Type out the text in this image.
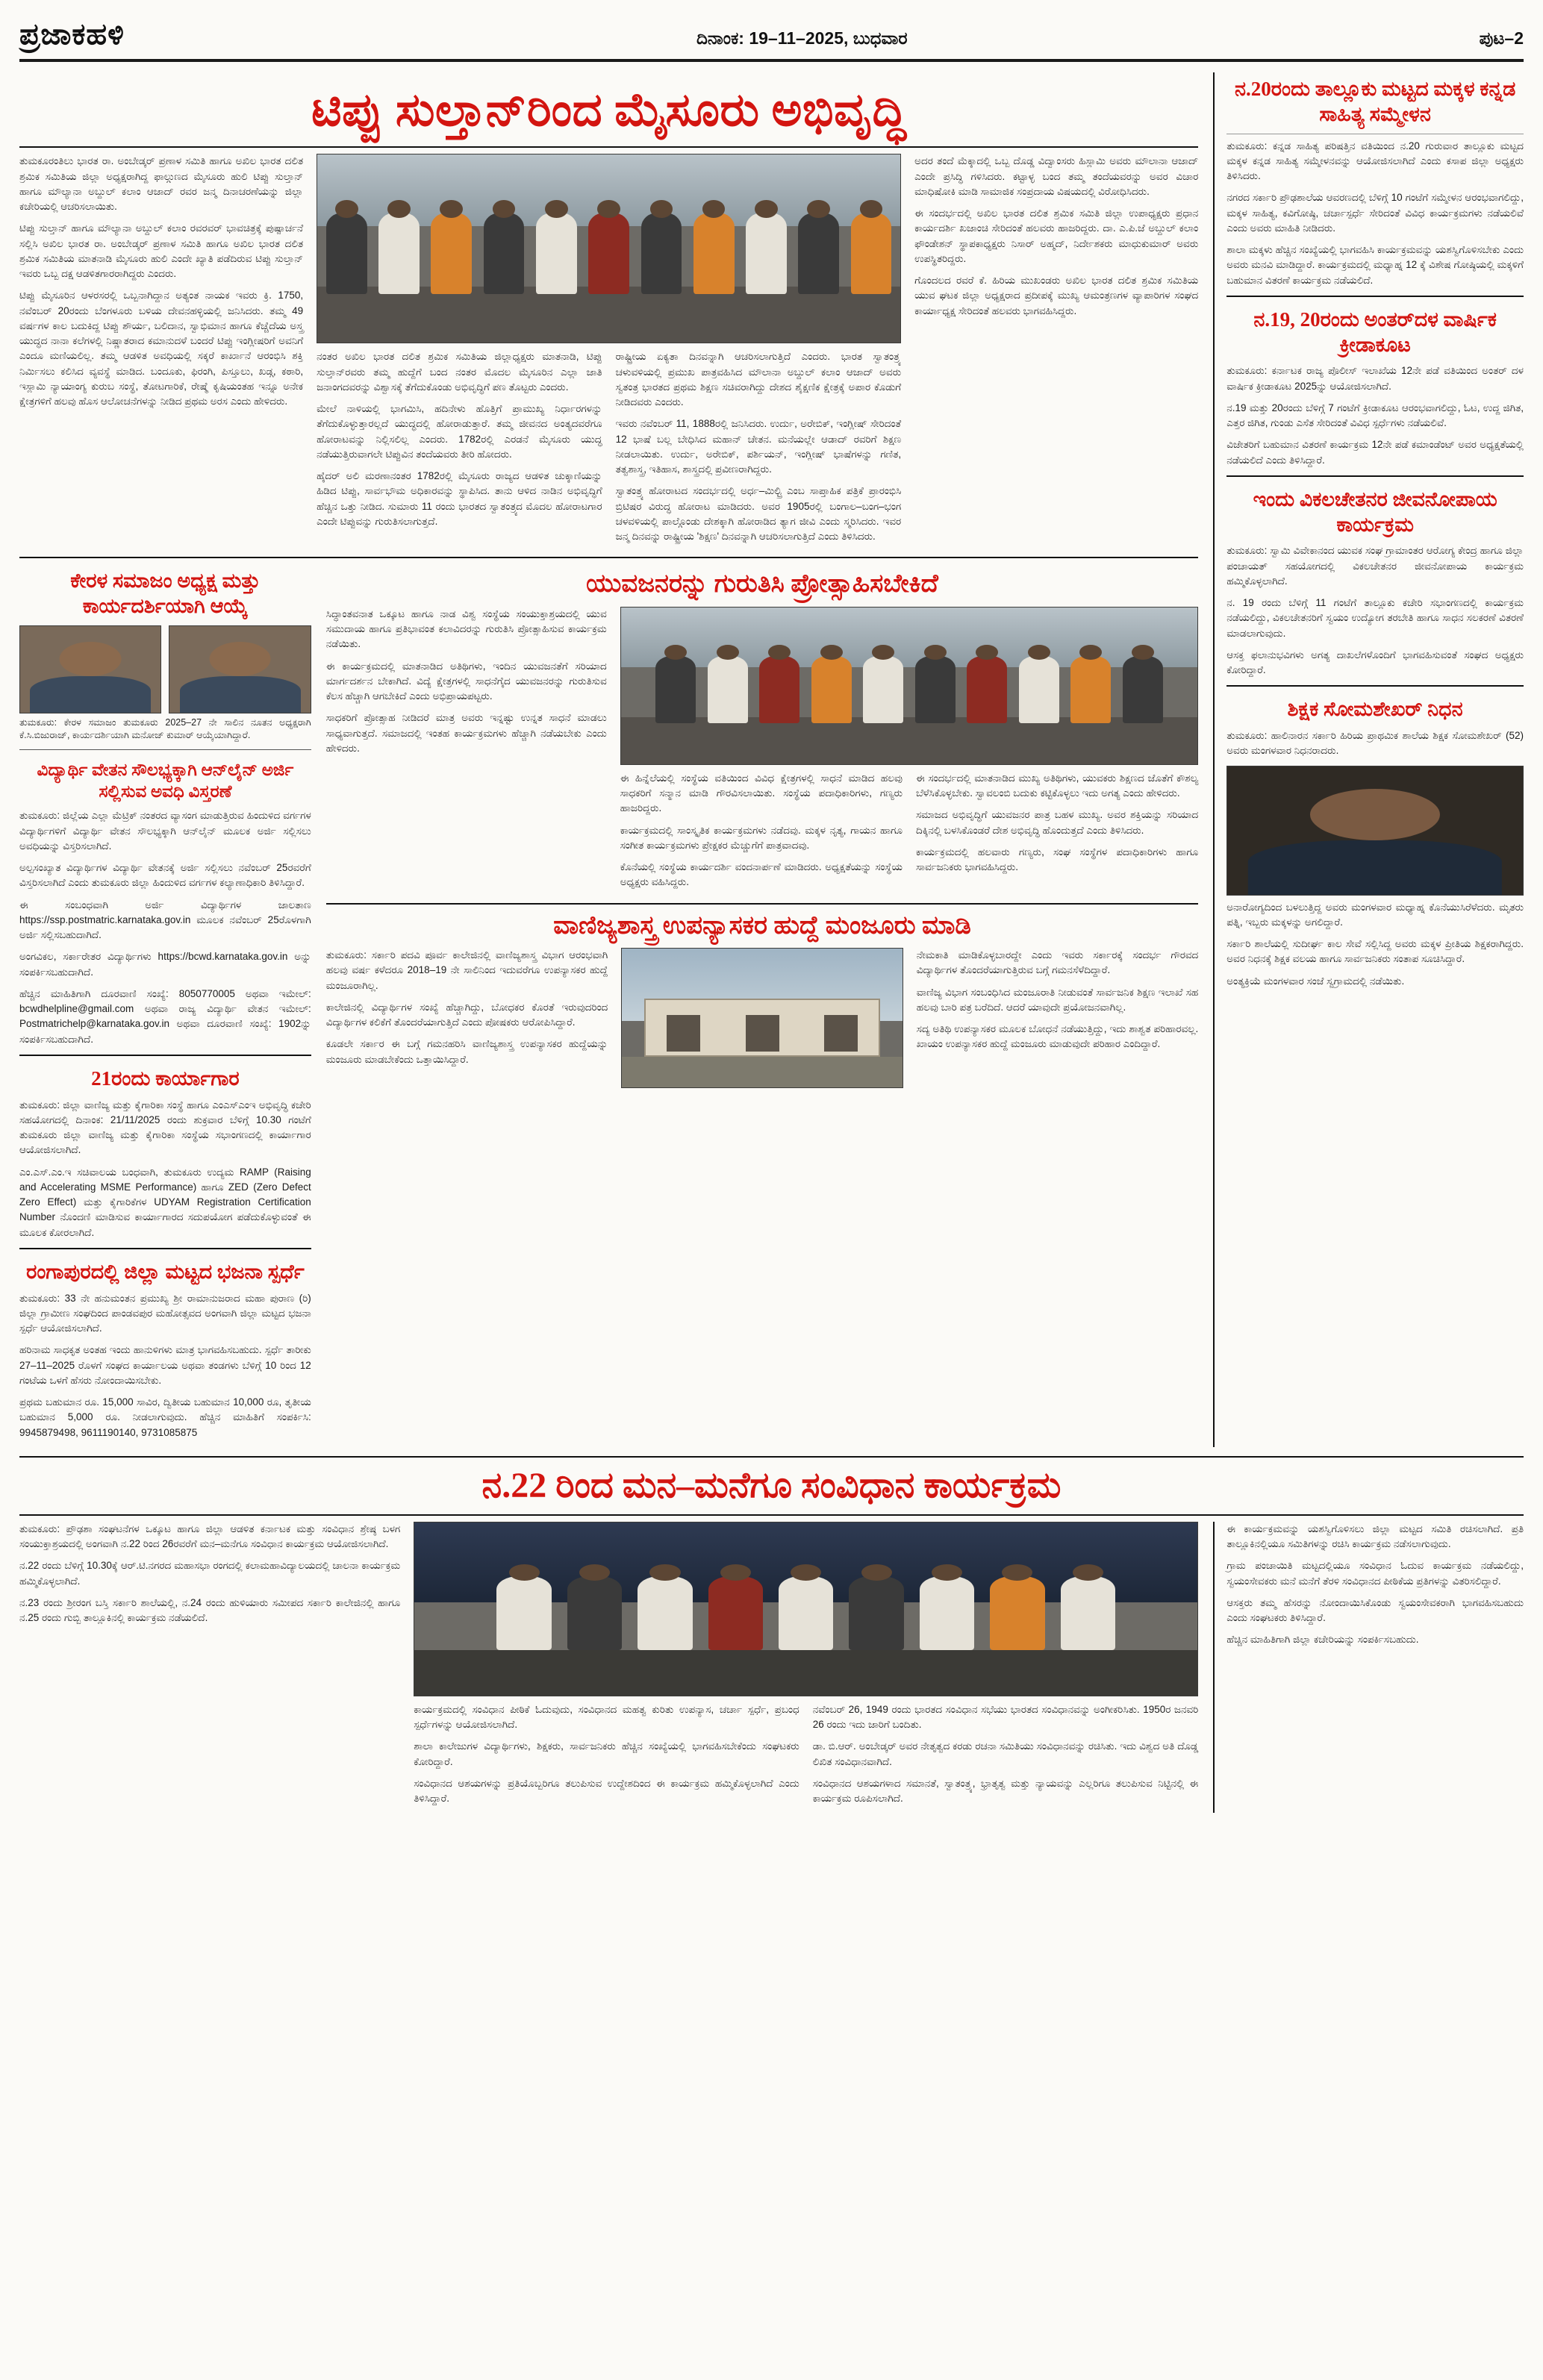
ಪ್ರಜಾಕಹಳಿ	ದಿನಾಂಕ: 19–11–2025, ಬುಧವಾರ	ಪುಟ–2
ಟಿಪ್ಪು ಸುಲ್ತಾನ್‌ರಿಂದ ಮೈಸೂರು ಅಭಿವೃದ್ಧಿ

ತುಮಕೂರಂತಿಲು ಭಾರತ ರಾ. ಅಂಬೇಡ್ಕರ್ ಪ್ರಣಾಳ ಸಮಿತಿ ಹಾಗೂ ಅಖಿಲ ಭಾರತ ದಲಿತ ಶ್ರಮಿಕ ಸಮಿತಿಯ ಜಿಲ್ಲಾ ಅಧ್ಯಕ್ಷರಾಗಿದ್ದ ಫಾಲ್ಗುಣ‌ದ ಮೈಸೂರು ಹುಲಿ ಟಿಪ್ಪು ಸುಲ್ತಾನ್ ಹಾಗೂ ಮೌಲ್ಯಾನಾ ಅಬ್ದುಲ್ ಕಲಾಂ ಆಜಾದ್ ರವರ ಜನ್ಮ ದಿನಾಚರಣೆಯನ್ನು ಜಿಲ್ಲಾ ಕಚೇರಿಯಲ್ಲಿ ಆಚರಿಸಲಾಯಿತು.

ಟಿಪ್ಪು ಸುಲ್ತಾನ್ ಹಾಗೂ ಮೌಲ್ಯಾನಾ ಅಬ್ದುಲ್ ಕಲಾಂ ರವರವರ್ ಭಾವಚಿತ್ರಕ್ಕೆ ಪುಷ್ಪಾರ್ಚನೆ ಸಲ್ಲಿಸಿ ಅಖಿಲ ಭಾರತ ರಾ. ಅಂಬೇಡ್ಕರ್ ಪ್ರಣಾಳ ಸಮಿತಿ ಹಾಗೂ ಅಖಿಲ ಭಾರತ ದಲಿತ ಶ್ರಮಿಕ ಸಮಿತಿಯ ಮಾತನಾಡಿ ಮೈಸೂರು ಹುಲಿ ಎಂದೇ ಖ್ಯಾತಿ ಪಡೆದಿರುವ ಟಿಪ್ಪು ಸುಲ್ತಾನ್ ಇವರು ಒಬ್ಬ ದಕ್ಷ ಆಡಳಿತಗಾರರಾಗಿದ್ದರು ಎಂದರು.

ಟಿಪ್ಪು ಮೈಸೂರಿನ ಆಳರಸರಲ್ಲಿ ಒಬ್ಬನಾಗಿದ್ದಾನ ಅತ್ಯಂತ ನಾಯಕ ಇವರು ಕ್ರಿ. 1750, ನವೆಂಬರ್ 20ರಂದು ಬೆಂಗಳೂರು ಬಳಿಯ ದೇವನಹಳ್ಳಿಯಲ್ಲಿ ಜನಿಸಿದರು. ತಮ್ಮ 49 ವರ್ಷಗಳ ಕಾಲ ಬದುಕಿದ್ದ ಟಿಪ್ಪು ಶೌರ್ಯ, ಬಲಿದಾನ, ಸ್ವಾಭಿಮಾನ ಹಾಗೂ ಕೆಚ್ಚೆದೆಯ ಅಸ್ತ್ರ ಯುದ್ಧದ ನಾನಾ ಕಲೆಗಳಲ್ಲಿ ನಿಷ್ಣಾತರಾದ ಕಮಾನುದಳೆ ಬಂದರೆ ಟಿಪ್ಪು ಇಂಗ್ಲೀಷರಿಗೆ ಅವನಿಗೆ ಎಂದೂ ಮಣಿಯಲಿಲ್ಲ. ತಮ್ಮ ಆಡಳಿತ ಅವಧಿಯಲ್ಲಿ ಸಕ್ಕರೆ ಕಾರ್ಖಾನೆ ಆರಂಭಿಸಿ ಶಕ್ತಿ ನಿರ್ಮಿಸಲು ಕಲಿಸಿದ ವ್ಯವಸ್ಥೆ ಮಾಡಿದ. ಬಂದೂಕು, ಫಿರಂಗಿ, ಪಿಸ್ತೂಲು, ಖಡ್ಗ, ಕಠಾರಿ, ಇಸ್ಲಾಮಿ ನ್ಯಾಯಾಂಗ್ಯ ಕುರುಬ ಸಂಸ್ಥೆ, ತೋಟಗಾರಿಕೆ, ರೇಷ್ಮೆ ಕೃಷಿಯಂತಹ ಇನ್ನೂ ಅನೇಕ ಕ್ಷೇತ್ರಗಳಿಗೆ ಹಲವು ಹೊಸ ಆಲೋಚನೆಗಳನ್ನು ನೀಡಿದ ಪ್ರಥಮ ಅರಸ ಎಂದು ಹೇಳಿದರು.

ನಂತರ ಅಖಿಲ ಭಾರತ ದಲಿತ ಶ್ರಮಿಕ ಸಮಿತಿಯ ಜಿಲ್ಲಾಧ್ಯಕ್ಷರು ಮಾತನಾಡಿ, ಟಿಪ್ಪು ಸುಲ್ತಾನ್‌ರವರು ತಮ್ಮ ಹುದ್ದೆಗೆ ಬಂದ ನಂತರ ಮೊದಲ ಮೈಸೂರಿನ ಎಲ್ಲಾ ಜಾತಿ ಜನಾಂಗದವರನ್ನು ವಿಶ್ವಾಸಕ್ಕೆ ತೆಗೆದುಕೊಂಡು ಅಭಿವೃದ್ಧಿಗೆ ಪಣ ತೊಟ್ಟರು ಎಂದರು.

ಮೇಲೆ ನಾಳಿಯಲ್ಲಿ ಭಾಗಮಿಸಿ, ಹದಿನೇಳು ಹೊತ್ತಿಗೆ ಪ್ರಾಮುಖ್ಯ ನಿರ್ಧಾರಗಳನ್ನು ತೆಗೆದುಕೊಳ್ಳುತ್ತಾರಲ್ಲದೆ ಯುದ್ಧದಲ್ಲಿ ಹೋರಾಡುತ್ತಾರೆ. ತಮ್ಮ ಜೀವನದ ಅಂತ್ಯದವರೆಗೂ ಹೋರಾಟವನ್ನು ನಿಲ್ಲಿಸಲಿಲ್ಲ ಎಂದರು. 1782ರಲ್ಲಿ ಎರಡನೆ ಮೈಸೂರು ಯುದ್ಧ ನಡೆಯುತ್ತಿರುವಾಗಲೇ ಟಿಪ್ಪುವಿನ ತಂದೆಯವರು ತೀರಿ ಹೋದರು.

ಹೈದರ್ ಅಲಿ ಮರಣಾನಂತರ 1782ರಲ್ಲಿ ಮೈಸೂರು ರಾಜ್ಯದ ಆಡಳಿತ ಚುಕ್ಕಾಣಿಯನ್ನು ಹಿಡಿದ ಟಿಪ್ಪು, ಸಾರ್ವಭೌಮ ಅಧಿಕಾರವನ್ನು ಸ್ಥಾಪಿಸಿದ. ತಾನು ಆಳಿದ ನಾಡಿನ ಅಭಿವೃದ್ಧಿಗೆ ಹೆಚ್ಚಿನ ಒತ್ತು ನೀಡಿದ. ಸುಮಾರು 11 ರಂದು ಭಾರತದ ಸ್ವಾತಂತ್ರ್ಯದ ಮೊದಲ ಹೋರಾಟಗಾರ ಎಂದೇ ಟಿಪ್ಪುವನ್ನು ಗುರುತಿಸಲಾಗುತ್ತದೆ.

ರಾಷ್ಟ್ರೀಯ ಏಕ್ಯತಾ ದಿನವನ್ನಾಗಿ ಆಚರಿಸಲಾಗುತ್ತಿದೆ ಎಂದರು. ಭಾರತ ಸ್ವಾತಂತ್ರ್ಯ ಚಳುವಳಿಯಲ್ಲಿ ಪ್ರಮುಖ ಪಾತ್ರವಹಿಸಿದ ಮೌಲಾನಾ ಅಬ್ದುಲ್ ಕಲಾಂ ಆಜಾದ್ ಅವರು ಸ್ವತಂತ್ರ ಭಾರತದ ಪ್ರಥಮ ಶಿಕ್ಷಣ ಸಚಿವರಾಗಿದ್ದು ದೇಶದ ಶೈಕ್ಷಣಿಕ ಕ್ಷೇತ್ರಕ್ಕೆ ಅಪಾರ ಕೊಡುಗೆ ನೀಡಿದವರು ಎಂದರು.

ಇವರು ನವೆಂಬರ್ 11, 1888ರಲ್ಲಿ ಜನಿಸಿದರು. ಉರ್ದು, ಅರೇಬಿಕ್, ಇಂಗ್ಲೀಷ್ ಸೇರಿದಂತೆ 12 ಭಾಷೆ ಬಲ್ಲ ಬೇಧಿಸಿದ ಮಹಾನ್ ಚೇತನ. ಮನೆಯಲ್ಲೇ ಆಡಾದ್ ರವರಿಗೆ ಶಿಕ್ಷಣ ನೀಡಲಾಯಿತು. ಉರ್ದು, ಅರೇಬಿಕ್, ಪರ್ಶಿಯನ್, ಇಂಗ್ಲೀಷ್ ಭಾಷೆಗಳನ್ನು ಗಣಿತ, ತತ್ವಶಾಸ್ತ್ರ, ಇತಿಹಾಸ, ಶಾಸ್ತ್ರದಲ್ಲಿ ಪ್ರವೀಣರಾಗಿದ್ದರು.

ಸ್ವಾತಂತ್ರ್ಯ ಹೋರಾಟದ ಸಂದರ್ಭದಲ್ಲಿ ಅರ್ಧ–ಮಿಲ್ಟ್ರಿ ಎಂಬ ಸಾಪ್ತಾಹಿಕ ಪತ್ರಿಕೆ ಪ್ರಾರಂಭಿಸಿ ಬ್ರಿಟಿಷರ ವಿರುದ್ಧ ಹೋರಾಟ ಮಾಡಿದರು. ಅವರ 1905ರಲ್ಲಿ ಬಂಗಾಲ–ಬಂಗ–ಭಂಗ ಚಳವಳಿಯಲ್ಲಿ ಪಾಲ್ಗೊಂಡು ದೇಶಕ್ಕಾಗಿ ಹೋರಾಡಿದ ತ್ಯಾಗ ಜೀವಿ ಎಂದು ಸ್ಮರಿಸಿದರು. ಇವರ ಜನ್ಮ ದಿನವನ್ನು ರಾಷ್ಟ್ರೀಯ 'ಶಿಕ್ಷಣ' ದಿನವನ್ನಾಗಿ ಆಚರಿಸಲಾಗುತ್ತಿದೆ ಎಂದು ತಿಳಿಸಿದರು.

ಅದರ ತಂದೆ ಮೆಕ್ಕಾದಲ್ಲಿ ಒಬ್ಬ ದೊಡ್ಡ ವಿದ್ವಾಂಸರು ಹಿಸ್ಲಾಮಿ ಅವರು ಮೌಲಾನಾ ಆಜಾದ್ ಎಂದೇ ಪ್ರಸಿದ್ಧಿ ಗಳಿಸಿದರು. ಕಟ್ಟಾಳ್ಳ ಬಂದ ತಮ್ಮ ತಂದೆಯವರನ್ನು ಅವರ ವಿಚಾರ ಮಾಧಿಷೋಕಿ ಮಾಡಿ ಸಾಮಾಜಿಕ ಸಂಪ್ರದಾಯ ವಿಷಯದಲ್ಲಿ ವಿರೋಧಿಸಿದರು.

ಈ ಸಂದರ್ಭದಲ್ಲಿ ಅಖಿಲ ಭಾರತ ದಲಿತ ಶ್ರಮಿಕ ಸಮಿತಿ ಜಿಲ್ಲಾ ಉಪಾಧ್ಯಕ್ಷರು ಪ್ರಧಾನ ಕಾರ್ಯದರ್ಶಿ ಖಜಾಂಚಿ ಸೇರಿದಂತೆ ಹಲವರು ಹಾಜರಿದ್ದರು. ದಾ. ಎ.ಪಿ.ಜೆ ಅಬ್ದುಲ್ ಕಲಾಂ ಫೌಂಡೇಶನ್ ಸ್ಥಾಪಕಾಧ್ಯಕ್ಷರು ನಿಸಾರ್ ಅಹ್ಮದ್, ನಿರ್ದೇಶಕರು ಮಾಧುಕುಮಾರ್ ಅವರು ಉಪಸ್ಥಿತರಿದ್ದರು.

ಗೊಂದಲದ ರವರೆ ಕೆ. ಹಿರಿಯ ಮುಖಂಡರು ಅಖಿಲ ಭಾರತ ದಲಿತ ಶ್ರಮಿಕ ಸಮಿತಿಯ ಯುವ ಘಟಕ ಜಿಲ್ಲಾ ಅಧ್ಯಕ್ಷರಾದ ಪ್ರದೀಪಕ್ಕೆ ಮುಖ್ಯ ಆಮಂತ್ರಣಗಳ ವ್ಯಾಪಾರಿಗಳ ಸಂಘದ ಕಾರ್ಯಾಧ್ಯಕ್ಷ ಸೇರಿದಂತೆ ಹಲವರು ಭಾಗವಹಿಸಿದ್ದರು.

ಕೇರಳ ಸಮಾಜಂ ಅಧ್ಯಕ್ಷ ಮತ್ತು ಕಾರ್ಯದರ್ಶಿಯಾಗಿ ಆಯ್ಕೆ
ತುಮಕೂರು: ಕೇರಳ ಸಮಾಜಂ ತುಮಕೂರು 2025–27 ನೇ ಸಾಲಿನ ನೂತನ ಅಧ್ಯಕ್ಷರಾಗಿ ಕೆ.ಸಿ.ಬಿಜುರಾಜ್, ಕಾರ್ಯದರ್ಶಿಯಾಗಿ ಮನೋಜ್ ಕುಮಾರ್ ಆಯ್ಕೆಯಾಗಿದ್ದಾರೆ.
ವಿದ್ಯಾರ್ಥಿ ವೇತನ ಸೌಲಭ್ಯಕ್ಕಾಗಿ ಆನ್‌ಲೈನ್ ಅರ್ಜಿ ಸಲ್ಲಿಸುವ ಅವಧಿ ವಿಸ್ತರಣೆ

ತುಮಕೂರು: ಜಿಲ್ಲೆಯ ಎಲ್ಲಾ ಮೆಟ್ರಿಕ್ ನಂತರದ ವ್ಯಾಸಂಗ ಮಾಡುತ್ತಿರುವ ಹಿಂದುಳಿದ ವರ್ಗಗಳ ವಿದ್ಯಾರ್ಥಿಗಳಿಗೆ ವಿದ್ಯಾರ್ಥಿ ವೇತನ ಸೌಲಭ್ಯಕ್ಕಾಗಿ ಆನ್‌ಲೈನ್ ಮೂಲಕ ಅರ್ಜಿ ಸಲ್ಲಿಸಲು ಅವಧಿಯನ್ನು ವಿಸ್ತರಿಸಲಾಗಿದೆ.

ಅಲ್ಪಸಂಖ್ಯಾತ ವಿದ್ಯಾರ್ಥಿಗಳ ವಿದ್ಯಾರ್ಥಿ ವೇತನಕ್ಕೆ ಅರ್ಜಿ ಸಲ್ಲಿಸಲು ನವೆಂಬರ್ 25ರವರೆಗೆ ವಿಸ್ತರಿಸಲಾಗಿದೆ ಎಂದು ತುಮಕೂರು ಜಿಲ್ಲಾ ಹಿಂದುಳಿದ ವರ್ಗಗಳ ಕಲ್ಯಾಣಾಧಿಕಾರಿ ತಿಳಿಸಿದ್ದಾರೆ.

ಈ ಸಂಬಂಧವಾಗಿ ಅರ್ಜಿ ವಿದ್ಯಾರ್ಥಿಗಳ ಜಾಲತಾಣ https://ssp.postmatric.karnataka.gov.in ಮೂಲಕ ನವೆಂಬರ್ 25ರೊಳಗಾಗಿ ಅರ್ಜಿ ಸಲ್ಲಿಸಬಹುದಾಗಿದೆ.

ಅಂಗವಿಕಲ, ಸರ್ಕಾರೇತರ ವಿದ್ಯಾರ್ಥಿಗಳು https://bcwd.karnataka.gov.in ಅನ್ನು ಸಂಪರ್ಕಿಸಬಹುದಾಗಿದೆ.

ಹೆಚ್ಚಿನ ಮಾಹಿತಿಗಾಗಿ ದೂರವಾಣಿ ಸಂಖ್ಯೆ: 8050770005 ಅಥವಾ ಇಮೇಲ್: bcwdhelpline@gmail.com ಅಥವಾ ರಾಜ್ಯ ವಿದ್ಯಾರ್ಥಿ ವೇತನ ಇಮೇಲ್: Postmatrichelp@karnataka.gov.in ಅಥವಾ ದೂರವಾಣಿ ಸಂಖ್ಯೆ: 1902ನ್ನು ಸಂಪರ್ಕಿಸಬಹುದಾಗಿದೆ.

21ರಂದು ಕಾರ್ಯಾಗಾರ

ತುಮಕೂರು: ಜಿಲ್ಲಾ ವಾಣಿಜ್ಯ ಮತ್ತು ಕೈಗಾರಿಕಾ ಸಂಸ್ಥೆ ಹಾಗೂ ಎಂಎಸ್ಎಂಇ ಅಭಿವೃದ್ಧಿ ಕಚೇರಿ ಸಹಯೋಗದಲ್ಲಿ ದಿನಾಂಕ: 21/11/2025 ರಂದು ಶುಕ್ರವಾರ ಬೆಳಿಗ್ಗೆ 10.30 ಗಂಟೆಗೆ ತುಮಕೂರು ಜಿಲ್ಲಾ ವಾಣಿಜ್ಯ ಮತ್ತು ಕೈಗಾರಿಕಾ ಸಂಸ್ಥೆಯ ಸಭಾಂಗಣದಲ್ಲಿ ಕಾರ್ಯಾಗಾರ ಆಯೋಜಿಸಲಾಗಿದೆ.

ಎಂ.ಎಸ್.ಎಂ.ಇ ಸಚಿವಾಲಯ ಬಂಧವಾಗಿ, ತುಮಕೂರು ಉದ್ಯಮ RAMP (Raising and Accelerating MSME Performance) ಹಾಗೂ ZED (Zero Defect Zero Effect) ಮತ್ತು ಕೈಗಾರಿಕೆಗಳ UDYAM Registration Certification Number ನೊಂದಣಿ ಮಾಡಿಸುವ ಕಾರ್ಯಾಗಾರದ ಸದುಪಯೋಗ ಪಡೆದುಕೊಳ್ಳುವಂತೆ ಈ ಮೂಲಕ ಕೋರಲಾಗಿದೆ.

ರಂಗಾಪುರದಲ್ಲಿ ಜಿಲ್ಲಾ ಮಟ್ಟದ ಭಜನಾ ಸ್ಪರ್ಧೆ

ತುಮಕೂರು: 33 ನೇ ಹನುಮಂತನ ಪ್ರಮುಖ್ಯ ಶ್ರೀ ರಾಮಾನುಜರಾದ ಮಹಾ ಪುರಾಣ (ರಿ) ಜಿಲ್ಲಾ ಗ್ರಾಮೀಣ ಸಂಘದಿಂದ ಪಾಂಡವಪುರ ಮಹೋತ್ಸವದ ಅಂಗವಾಗಿ ಜಿಲ್ಲಾ ಮಟ್ಟದ ಭಜನಾ ಸ್ಪರ್ಧೆ ಆಯೋಜಿಸಲಾಗಿದೆ.

ಹರಿನಾಮ ಸಾಧಕೃತ ಅಂತಹ ಇಂದು ಹಾನುಳಿಗಳು ಮಾತ್ರ ಭಾಗವಹಿಸಬಹುದು. ಸ್ಪರ್ಧೆ ತಾರೀಕು 27–11–2025 ರೊಳಗೆ ಸಂಘದ ಕಾರ್ಯಾಲಯ ಅಥವಾ ತಂಡಗಳು ಬೆಳಿಗ್ಗೆ 10 ರಿಂದ 12 ಗಂಟೆಯ ಒಳಗೆ ಹೆಸರು ನೋಂದಾಯಿಸಬೇಕು.

ಪ್ರಥಮ ಬಹುಮಾನ ರೂ. 15,000 ಸಾವಿರ, ದ್ವಿತೀಯ ಬಹುಮಾನ 10,000 ರೂ, ತೃತೀಯ ಬಹುಮಾನ 5,000 ರೂ. ನೀಡಲಾಗುವುದು. ಹೆಚ್ಚಿನ ಮಾಹಿತಿಗೆ ಸಂಪರ್ಕಿಸಿ: 9945879498, 9611190140, 9731085875

ಯುವಜನರನ್ನು ಗುರುತಿಸಿ ಪ್ರೋತ್ಸಾಹಿಸಬೇಕಿದೆ

ಸಿದ್ಧಾಂತವನಾತ ಒಕ್ಕೂಟ ಹಾಗೂ ನಾಡ ವಿಶ್ವ ಸಂಸ್ಥೆಯ ಸಂಯುಕ್ತಾಶ್ರಯದಲ್ಲಿ ಯುವ ಸಮುದಾಯ ಹಾಗೂ ಪ್ರತಿಭಾವಂತ ಕಲಾವಿದರನ್ನು ಗುರುತಿಸಿ ಪ್ರೋತ್ಸಾಹಿಸುವ ಕಾರ್ಯಕ್ರಮ ನಡೆಯಿತು.

ಈ ಕಾರ್ಯಕ್ರಮದಲ್ಲಿ ಮಾತನಾಡಿದ ಅತಿಥಿಗಳು, ಇಂದಿನ ಯುವಜನತೆಗೆ ಸರಿಯಾದ ಮಾರ್ಗದರ್ಶನ ಬೇಕಾಗಿದೆ. ವಿದ್ಯೆ ಕ್ಷೇತ್ರಗಳಲ್ಲಿ ಸಾಧನೆಗೈದ ಯುವಜನರನ್ನು ಗುರುತಿಸುವ ಕೆಲಸ ಹೆಚ್ಚಾಗಿ ಆಗಬೇಕಿದೆ ಎಂದು ಅಭಿಪ್ರಾಯಪಟ್ಟರು.

ಸಾಧಕರಿಗೆ ಪ್ರೋತ್ಸಾಹ ನೀಡಿದರೆ ಮಾತ್ರ ಅವರು ಇನ್ನಷ್ಟು ಉನ್ನತ ಸಾಧನೆ ಮಾಡಲು ಸಾಧ್ಯವಾಗುತ್ತದೆ. ಸಮಾಜದಲ್ಲಿ ಇಂತಹ ಕಾರ್ಯಕ್ರಮಗಳು ಹೆಚ್ಚಾಗಿ ನಡೆಯಬೇಕು ಎಂದು ಹೇಳಿದರು.

ಈ ಹಿನ್ನೆಲೆಯಲ್ಲಿ ಸಂಸ್ಥೆಯ ವತಿಯಿಂದ ವಿವಿಧ ಕ್ಷೇತ್ರಗಳಲ್ಲಿ ಸಾಧನೆ ಮಾಡಿದ ಹಲವು ಸಾಧಕರಿಗೆ ಸನ್ಮಾನ ಮಾಡಿ ಗೌರವಿಸಲಾಯಿತು. ಸಂಸ್ಥೆಯ ಪದಾಧಿಕಾರಿಗಳು, ಗಣ್ಯರು ಹಾಜರಿದ್ದರು.

ಕಾರ್ಯಕ್ರಮದಲ್ಲಿ ಸಾಂಸ್ಕೃತಿಕ ಕಾರ್ಯಕ್ರಮಗಳು ನಡೆದವು. ಮಕ್ಕಳ ನೃತ್ಯ, ಗಾಯನ ಹಾಗೂ ಸಂಗೀತ ಕಾರ್ಯಕ್ರಮಗಳು ಪ್ರೇಕ್ಷಕರ ಮೆಚ್ಚುಗೆಗೆ ಪಾತ್ರವಾದವು.

ಕೊನೆಯಲ್ಲಿ ಸಂಸ್ಥೆಯ ಕಾರ್ಯದರ್ಶಿ ವಂದನಾರ್ಪಣೆ ಮಾಡಿದರು. ಅಧ್ಯಕ್ಷತೆಯನ್ನು ಸಂಸ್ಥೆಯ ಅಧ್ಯಕ್ಷರು ವಹಿಸಿದ್ದರು.

ಈ ಸಂದರ್ಭದಲ್ಲಿ ಮಾತನಾಡಿದ ಮುಖ್ಯ ಅತಿಥಿಗಳು, ಯುವಕರು ಶಿಕ್ಷಣದ ಜೊತೆಗೆ ಕೌಶಲ್ಯ ಬೆಳೆಸಿಕೊಳ್ಳಬೇಕು. ಸ್ವಾವಲಂಬಿ ಬದುಕು ಕಟ್ಟಿಕೊಳ್ಳಲು ಇದು ಅಗತ್ಯ ಎಂದು ಹೇಳಿದರು.

ಸಮಾಜದ ಅಭಿವೃದ್ಧಿಗೆ ಯುವಜನರ ಪಾತ್ರ ಬಹಳ ಮುಖ್ಯ. ಅವರ ಶಕ್ತಿಯನ್ನು ಸರಿಯಾದ ದಿಕ್ಕಿನಲ್ಲಿ ಬಳಸಿಕೊಂಡರೆ ದೇಶ ಅಭಿವೃದ್ಧಿ ಹೊಂದುತ್ತದೆ ಎಂದು ತಿಳಿಸಿದರು.

ಕಾರ್ಯಕ್ರಮದಲ್ಲಿ ಹಲವಾರು ಗಣ್ಯರು, ಸಂಘ ಸಂಸ್ಥೆಗಳ ಪದಾಧಿಕಾರಿಗಳು ಹಾಗೂ ಸಾರ್ವಜನಿಕರು ಭಾಗವಹಿಸಿದ್ದರು.

ವಾಣಿಜ್ಯಶಾಸ್ತ್ರ ಉಪನ್ಯಾಸಕರ ಹುದ್ದೆ ಮಂಜೂರು ಮಾಡಿ

ತುಮಕೂರು: ಸರ್ಕಾರಿ ಪದವಿ ಪೂರ್ವ ಕಾಲೇಜಿನಲ್ಲಿ ವಾಣಿಜ್ಯಶಾಸ್ತ್ರ ವಿಭಾಗ ಆರಂಭವಾಗಿ ಹಲವು ವರ್ಷ ಕಳೆದರೂ 2018–19 ನೇ ಸಾಲಿನಿಂದ ಇದುವರೆಗೂ ಉಪನ್ಯಾಸಕರ ಹುದ್ದೆ ಮಂಜೂರಾಗಿಲ್ಲ.

ಕಾಲೇಜಿನಲ್ಲಿ ವಿದ್ಯಾರ್ಥಿಗಳ ಸಂಖ್ಯೆ ಹೆಚ್ಚಾಗಿದ್ದು, ಬೋಧಕರ ಕೊರತೆ ಇರುವುದರಿಂದ ವಿದ್ಯಾರ್ಥಿಗಳ ಕಲಿಕೆಗೆ ತೊಂದರೆಯಾಗುತ್ತಿದೆ ಎಂದು ಪೋಷಕರು ಆರೋಪಿಸಿದ್ದಾರೆ.

ಕೂಡಲೇ ಸರ್ಕಾರ ಈ ಬಗ್ಗೆ ಗಮನಹರಿಸಿ ವಾಣಿಜ್ಯಶಾಸ್ತ್ರ ಉಪನ್ಯಾಸಕರ ಹುದ್ದೆಯನ್ನು ಮಂಜೂರು ಮಾಡಬೇಕೆಂದು ಒತ್ತಾಯಿಸಿದ್ದಾರೆ.

ನೇಮಕಾತಿ ಮಾಡಿಕೊಳ್ಳಬಾರದ್ದೇ ಎಂದು ಇವರು ಸರ್ಕಾರಕ್ಕೆ ಸಂದರ್ಭ ಗೌರವದ ವಿದ್ಯಾರ್ಥಿಗಳ ತೊಂದರೆಯಾಗುತ್ತಿರುವ ಬಗ್ಗೆ ಗಮನಸೆಳೆದಿದ್ದಾರೆ.

ವಾಣಿಜ್ಯ ವಿಭಾಗ ಸಂಬಂಧಿಸಿದ ಮಂಜೂರಾತಿ ನೀಡುವಂತೆ ಸಾರ್ವಜನಿಕ ಶಿಕ್ಷಣ ಇಲಾಖೆ ಸಹ ಹಲವು ಬಾರಿ ಪತ್ರ ಬರೆದಿದೆ. ಆದರೆ ಯಾವುದೇ ಪ್ರಯೋಜನವಾಗಿಲ್ಲ.

ಸದ್ಯ ಅತಿಥಿ ಉಪನ್ಯಾಸಕರ ಮೂಲಕ ಬೋಧನೆ ನಡೆಯುತ್ತಿದ್ದು, ಇದು ಶಾಶ್ವತ ಪರಿಹಾರವಲ್ಲ. ಖಾಯಂ ಉಪನ್ಯಾಸಕರ ಹುದ್ದೆ ಮಂಜೂರು ಮಾಡುವುದೇ ಪರಿಹಾರ ಎಂದಿದ್ದಾರೆ.

ನ.20ರಂದು ತಾಲ್ಲೂಕು ಮಟ್ಟದ ಮಕ್ಕಳ ಕನ್ನಡ ಸಾಹಿತ್ಯ ಸಮ್ಮೇಳನ

ತುಮಕೂರು: ಕನ್ನಡ ಸಾಹಿತ್ಯ ಪರಿಷತ್ತಿನ ವತಿಯಿಂದ ನ.20 ಗುರುವಾರ ತಾಲ್ಲೂಕು ಮಟ್ಟದ ಮಕ್ಕಳ ಕನ್ನಡ ಸಾಹಿತ್ಯ ಸಮ್ಮೇಳನವನ್ನು ಆಯೋಜಿಸಲಾಗಿದೆ ಎಂದು ಕಸಾಪ ಜಿಲ್ಲಾ ಅಧ್ಯಕ್ಷರು ತಿಳಿಸಿದರು.

ನಗರದ ಸರ್ಕಾರಿ ಪ್ರೌಢಶಾಲೆಯ ಆವರಣದಲ್ಲಿ ಬೆಳಿಗ್ಗೆ 10 ಗಂಟೆಗೆ ಸಮ್ಮೇಳನ ಆರಂಭವಾಗಲಿದ್ದು, ಮಕ್ಕಳ ಸಾಹಿತ್ಯ, ಕವಿಗೋಷ್ಠಿ, ಚರ್ಚಾಸ್ಪರ್ಧೆ ಸೇರಿದಂತೆ ವಿವಿಧ ಕಾರ್ಯಕ್ರಮಗಳು ನಡೆಯಲಿವೆ ಎಂದು ಅವರು ಮಾಹಿತಿ ನೀಡಿದರು.

ಶಾಲಾ ಮಕ್ಕಳು ಹೆಚ್ಚಿನ ಸಂಖ್ಯೆಯಲ್ಲಿ ಭಾಗವಹಿಸಿ ಕಾರ್ಯಕ್ರಮವನ್ನು ಯಶಸ್ವಿಗೊಳಿಸಬೇಕು ಎಂದು ಅವರು ಮನವಿ ಮಾಡಿದ್ದಾರೆ. ಕಾರ್ಯಕ್ರಮದಲ್ಲಿ ಮಧ್ಯಾಹ್ನ 12 ಕ್ಕೆ ವಿಶೇಷ ಗೋಷ್ಠಿಯಲ್ಲಿ ಮಕ್ಕಳಿಗೆ ಬಹುಮಾನ ವಿತರಣೆ ಕಾರ್ಯಕ್ರಮ ನಡೆಯಲಿದೆ.

ನ.19, 20ರಂದು ಅಂತರ್‌ದಳ ವಾರ್ಷಿಕ ಕ್ರೀಡಾಕೂಟ

ತುಮಕೂರು: ಕರ್ನಾಟಕ ರಾಜ್ಯ ಪೊಲೀಸ್ ಇಲಾಖೆಯ 12ನೇ ಪಡೆ ವತಿಯಿಂದ ಅಂತರ್ ದಳ ವಾರ್ಷಿಕ ಕ್ರೀಡಾಕೂಟ 2025ನ್ನು ಆಯೋಜಿಸಲಾಗಿದೆ.

ನ.19 ಮತ್ತು 20ರಂದು ಬೆಳಿಗ್ಗೆ 7 ಗಂಟೆಗೆ ಕ್ರೀಡಾಕೂಟ ಆರಂಭವಾಗಲಿದ್ದು, ಓಟ, ಉದ್ದ ಜಿಗಿತ, ಎತ್ತರ ಜಿಗಿತ, ಗುಂಡು ಎಸೆತ ಸೇರಿದಂತೆ ವಿವಿಧ ಸ್ಪರ್ಧೆಗಳು ನಡೆಯಲಿವೆ.

ವಿಜೇತರಿಗೆ ಬಹುಮಾನ ವಿತರಣೆ ಕಾರ್ಯಕ್ರಮ 12ನೇ ಪಡೆ ಕಮಾಂಡೆಂಟ್ ಅವರ ಅಧ್ಯಕ್ಷತೆಯಲ್ಲಿ ನಡೆಯಲಿದೆ ಎಂದು ತಿಳಿಸಿದ್ದಾರೆ.

ಇಂದು ವಿಕಲಚೇತನರ ಜೀವನೋಪಾಯ ಕಾರ್ಯಕ್ರಮ

ತುಮಕೂರು: ಸ್ವಾಮಿ ವಿವೇಕಾನಂದ ಯುವಕ ಸಂಘ ಗ್ರಾಮಾಂತರ ಆರೋಗ್ಯ ಕೇಂದ್ರ ಹಾಗೂ ಜಿಲ್ಲಾ ಪಂಚಾಯತ್ ಸಹಯೋಗದಲ್ಲಿ ವಿಕಲಚೇತನರ ಜೀವನೋಪಾಯ ಕಾರ್ಯಕ್ರಮ ಹಮ್ಮಿಕೊಳ್ಳಲಾಗಿದೆ.

ನ. 19 ರಂದು ಬೆಳಿಗ್ಗೆ 11 ಗಂಟೆಗೆ ತಾಲ್ಲೂಕು ಕಚೇರಿ ಸಭಾಂಗಣದಲ್ಲಿ ಕಾರ್ಯಕ್ರಮ ನಡೆಯಲಿದ್ದು, ವಿಕಲಚೇತನರಿಗೆ ಸ್ವಯಂ ಉದ್ಯೋಗ ತರಬೇತಿ ಹಾಗೂ ಸಾಧನ ಸಲಕರಣೆ ವಿತರಣೆ ಮಾಡಲಾಗುವುದು.

ಆಸಕ್ತ ಫಲಾನುಭವಿಗಳು ಅಗತ್ಯ ದಾಖಲೆಗಳೊಂದಿಗೆ ಭಾಗವಹಿಸುವಂತೆ ಸಂಘದ ಅಧ್ಯಕ್ಷರು ಕೋರಿದ್ದಾರೆ.

ಶಿಕ್ಷಕ ಸೋಮಶೇಖರ್ ನಿಧನ

ತುಮಕೂರು: ಹಾಲಿನಾರನ ಸರ್ಕಾರಿ ಹಿರಿಯ ಪ್ರಾಥಮಿಕ ಶಾಲೆಯ ಶಿಕ್ಷಕ ಸೋಮಶೇಖರ್ (52) ಅವರು ಮಂಗಳವಾರ ನಿಧನರಾದರು.

ಅನಾರೋಗ್ಯದಿಂದ ಬಳಲುತ್ತಿದ್ದ ಅವರು ಮಂಗಳವಾರ ಮಧ್ಯಾಹ್ನ ಕೊನೆಯುಸಿರೆಳೆದರು. ಮೃತರು ಪತ್ನಿ, ಇಬ್ಬರು ಮಕ್ಕಳನ್ನು ಅಗಲಿದ್ದಾರೆ.

ಸರ್ಕಾರಿ ಶಾಲೆಯಲ್ಲಿ ಸುದೀರ್ಘ ಕಾಲ ಸೇವೆ ಸಲ್ಲಿಸಿದ್ದ ಅವರು ಮಕ್ಕಳ ಪ್ರೀತಿಯ ಶಿಕ್ಷಕರಾಗಿದ್ದರು. ಅವರ ನಿಧನಕ್ಕೆ ಶಿಕ್ಷಕ ವಲಯ ಹಾಗೂ ಸಾರ್ವಜನಿಕರು ಸಂತಾಪ ಸೂಚಿಸಿದ್ದಾರೆ.

ಅಂತ್ಯಕ್ರಿಯೆ ಮಂಗಳವಾರ ಸಂಜೆ ಸ್ವಗ್ರಾಮದಲ್ಲಿ ನಡೆಯಿತು.

ನ.22 ರಿಂದ ಮನ–ಮನೆಗೂ ಸಂವಿಧಾನ ಕಾರ್ಯಕ್ರಮ

ತುಮಕೂರು: ಪ್ರೌಢಶಾ ಸಂಘಟನೆಗಳ ಒಕ್ಕೂಟ ಹಾಗೂ ಜಿಲ್ಲಾ ಆಡಳಿತ ಕರ್ನಾಟಕ ಮತ್ತು ಸಂವಿಧಾನ ಶ್ರೇಷ್ಠ ಬಳಗ ಸಂಯುಕ್ತಾಶ್ರಯದಲ್ಲಿ ಅಂಗವಾಗಿ ನ.22 ರಿಂದ 26ರವರೆಗೆ ಮನ–ಮನೆಗೂ ಸಂವಿಧಾನ ಕಾರ್ಯಕ್ರಮ ಆಯೋಜಿಸಲಾಗಿದೆ.

ನ.22 ರಂದು ಬೆಳಿಗ್ಗೆ 10.30ಕ್ಕೆ ಆರ್.ಟಿ.ನಗರದ ಮಹಾಸಭಾ ರಂಗದಲ್ಲಿ ಕಲಾಮಹಾವಿದ್ಯಾಲಯದಲ್ಲಿ ಚಾಲನಾ ಕಾರ್ಯಕ್ರಮ ಹಮ್ಮಿಕೊಳ್ಳಲಾಗಿದೆ.

ನ.23 ರಂದು ಶ್ರೀರಂಗ ಬಸ್ತಿ ಸರ್ಕಾರಿ ಶಾಲೆಯಲ್ಲಿ, ನ.24 ರಂದು ಹುಳಿಯಾರು ಸಮೀಪದ ಸರ್ಕಾರಿ ಕಾಲೇಜಿನಲ್ಲಿ ಹಾಗೂ ನ.25 ರಂದು ಗುಬ್ಬಿ ತಾಲ್ಲೂಕಿನಲ್ಲಿ ಕಾರ್ಯಕ್ರಮ ನಡೆಯಲಿದೆ.

ಕಾರ್ಯಕ್ರಮದಲ್ಲಿ ಸಂವಿಧಾನ ಪೀಠಿಕೆ ಓದುವುದು, ಸಂವಿಧಾನದ ಮಹತ್ವ ಕುರಿತು ಉಪನ್ಯಾಸ, ಚರ್ಚಾ ಸ್ಪರ್ಧೆ, ಪ್ರಬಂಧ ಸ್ಪರ್ಧೆಗಳನ್ನು ಆಯೋಜಿಸಲಾಗಿದೆ.

ಶಾಲಾ ಕಾಲೇಜುಗಳ ವಿದ್ಯಾರ್ಥಿಗಳು, ಶಿಕ್ಷಕರು, ಸಾರ್ವಜನಿಕರು ಹೆಚ್ಚಿನ ಸಂಖ್ಯೆಯಲ್ಲಿ ಭಾಗವಹಿಸಬೇಕೆಂದು ಸಂಘಟಕರು ಕೋರಿದ್ದಾರೆ.

ಸಂವಿಧಾನದ ಆಶಯಗಳನ್ನು ಪ್ರತಿಯೊಬ್ಬರಿಗೂ ತಲುಪಿಸುವ ಉದ್ದೇಶದಿಂದ ಈ ಕಾರ್ಯಕ್ರಮ ಹಮ್ಮಿಕೊಳ್ಳಲಾಗಿದೆ ಎಂದು ತಿಳಿಸಿದ್ದಾರೆ.

ನವೆಂಬರ್ 26, 1949 ರಂದು ಭಾರತದ ಸಂವಿಧಾನ ಸಭೆಯು ಭಾರತದ ಸಂವಿಧಾನವನ್ನು ಅಂಗೀಕರಿಸಿತು. 1950ರ ಜನವರಿ 26 ರಂದು ಇದು ಜಾರಿಗೆ ಬಂದಿತು.

ಡಾ. ಬಿ.ಆರ್. ಅಂಬೇಡ್ಕರ್ ಅವರ ನೇತೃತ್ವದ ಕರಡು ರಚನಾ ಸಮಿತಿಯು ಸಂವಿಧಾನವನ್ನು ರಚಿಸಿತು. ಇದು ವಿಶ್ವದ ಅತಿ ದೊಡ್ಡ ಲಿಖಿತ ಸಂವಿಧಾನವಾಗಿದೆ.

ಸಂವಿಧಾನದ ಆಶಯಗಳಾದ ಸಮಾನತೆ, ಸ್ವಾತಂತ್ರ್ಯ, ಭ್ರಾತೃತ್ವ ಮತ್ತು ನ್ಯಾಯವನ್ನು ಎಲ್ಲರಿಗೂ ತಲುಪಿಸುವ ನಿಟ್ಟಿನಲ್ಲಿ ಈ ಕಾರ್ಯಕ್ರಮ ರೂಪಿಸಲಾಗಿದೆ.

ಈ ಕಾರ್ಯಕ್ರಮವನ್ನು ಯಶಸ್ವಿಗೊಳಿಸಲು ಜಿಲ್ಲಾ ಮಟ್ಟದ ಸಮಿತಿ ರಚಿಸಲಾಗಿದೆ. ಪ್ರತಿ ತಾಲ್ಲೂಕಿನಲ್ಲಿಯೂ ಸಮಿತಿಗಳನ್ನು ರಚಿಸಿ ಕಾರ್ಯಕ್ರಮ ನಡೆಸಲಾಗುವುದು.

ಗ್ರಾಮ ಪಂಚಾಯಿತಿ ಮಟ್ಟದಲ್ಲಿಯೂ ಸಂವಿಧಾನ ಓದುವ ಕಾರ್ಯಕ್ರಮ ನಡೆಯಲಿದ್ದು, ಸ್ವಯಂಸೇವಕರು ಮನೆ ಮನೆಗೆ ತೆರಳಿ ಸಂವಿಧಾನದ ಪೀಠಿಕೆಯ ಪ್ರತಿಗಳನ್ನು ವಿತರಿಸಲಿದ್ದಾರೆ.

ಆಸಕ್ತರು ತಮ್ಮ ಹೆಸರನ್ನು ನೋಂದಾಯಿಸಿಕೊಂಡು ಸ್ವಯಂಸೇವಕರಾಗಿ ಭಾಗವಹಿಸಬಹುದು ಎಂದು ಸಂಘಟಕರು ತಿಳಿಸಿದ್ದಾರೆ.

ಹೆಚ್ಚಿನ ಮಾಹಿತಿಗಾಗಿ ಜಿಲ್ಲಾ ಕಚೇರಿಯನ್ನು ಸಂಪರ್ಕಿಸಬಹುದು.
